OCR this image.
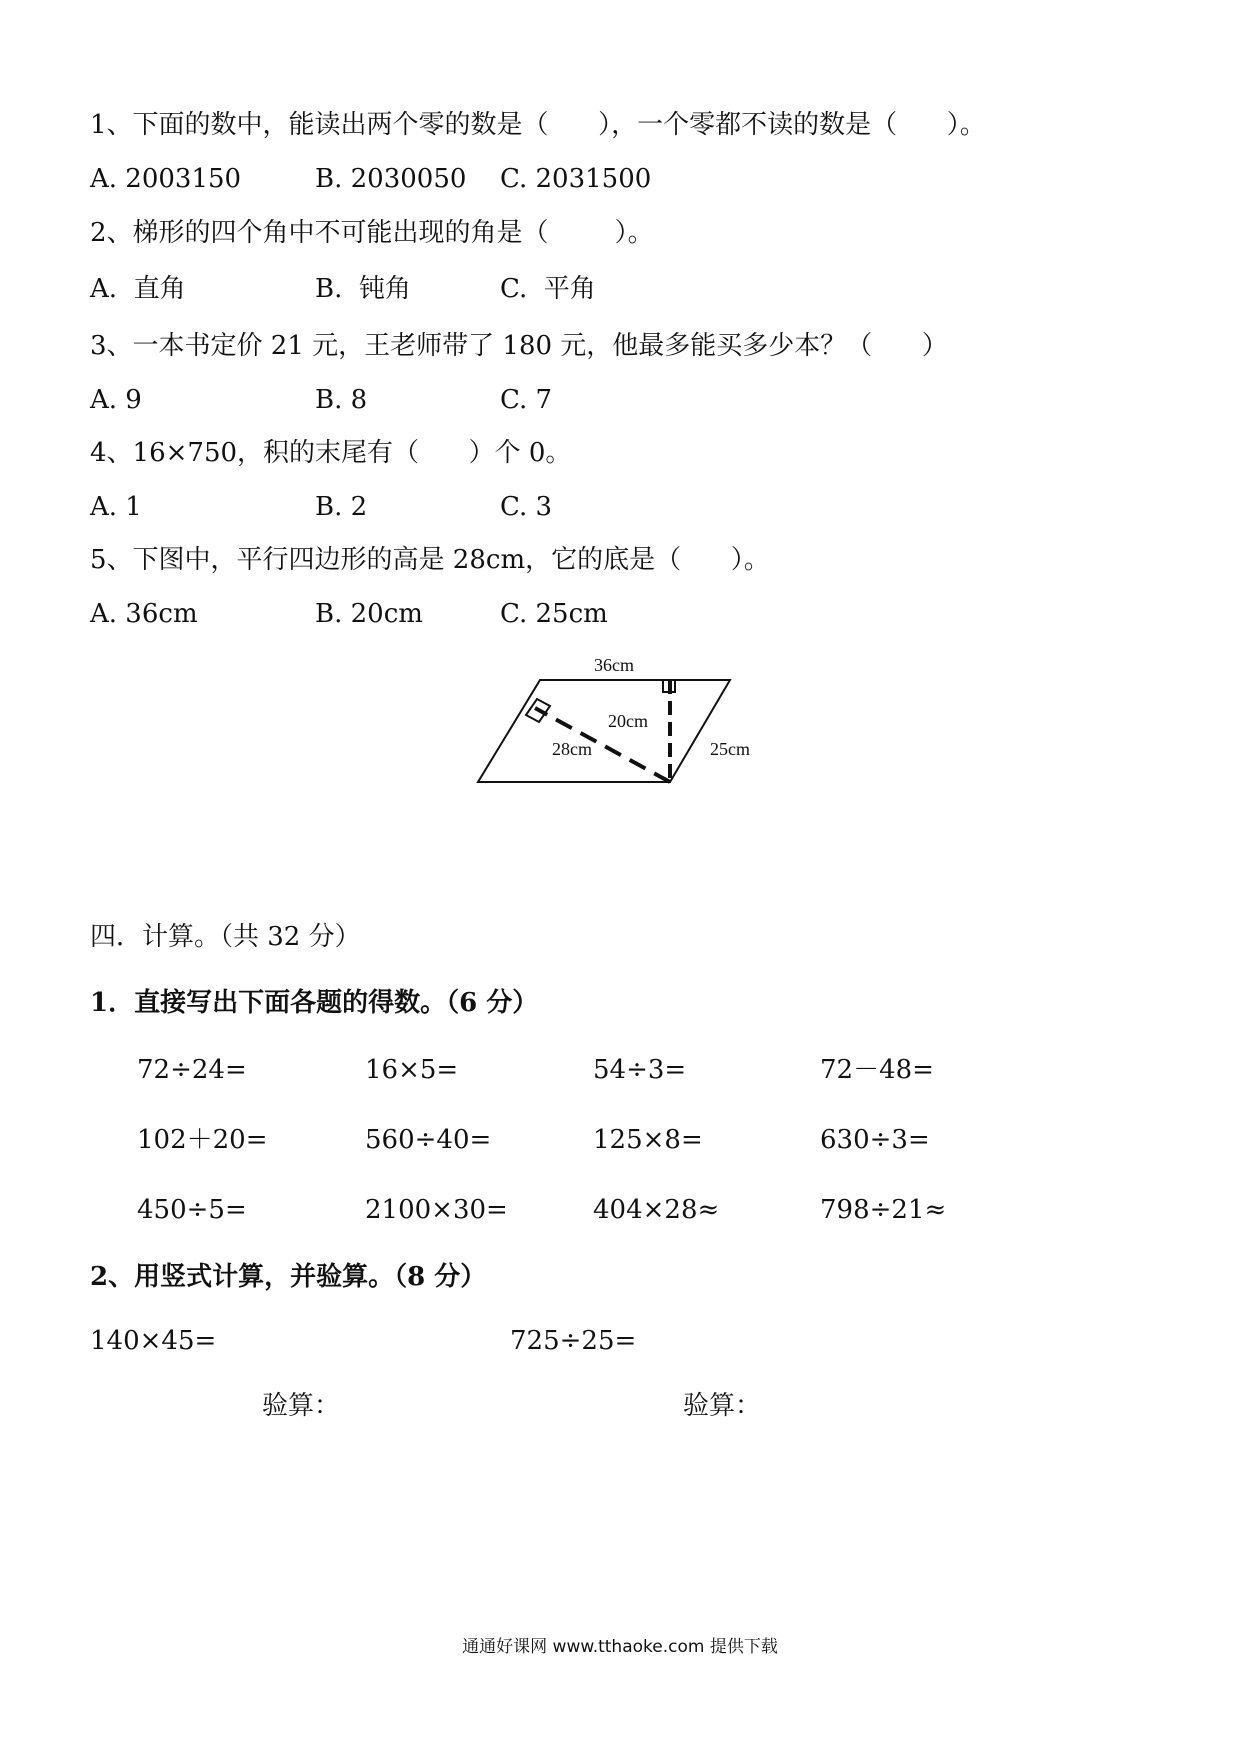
1、下面的数中，能读出两个零的数是（      ），一个零都不读的数是（      ）。
A. 2003150	B. 2030050 C. 2031500
2、梯形的四个角中不可能出现的角是（        ）。
A.  直角	B.  钝角	C.  平角
3、一本书定价 21 元，王老师带了 180 元，他最多能买多少本？（      ）
A. 9	B. 8	C. 7
4、16×750，积的末尾有（      ）个 0。
A. 1	B. 2	C. 3
5、下图中，平行四边形的高是 28cm，它的底是（      ）。
A. 36cm	B. 20cm	C. 25cm
36cm
20cm
28cm	25cm
四．计算。（共 32 分）
1．直接写出下面各题的得数。（6 分）
72÷24=	16×5=	54÷3=	72－48=
102＋20=	560÷40=	125×8=	630÷3=
450÷5=	2100×30=	404×28≈	798÷21≈
2、用竖式计算，并验算。（8 分）
140×45=	725÷25=
验算：	验算：
通通好课网 www.tthaoke.com 提供下载
